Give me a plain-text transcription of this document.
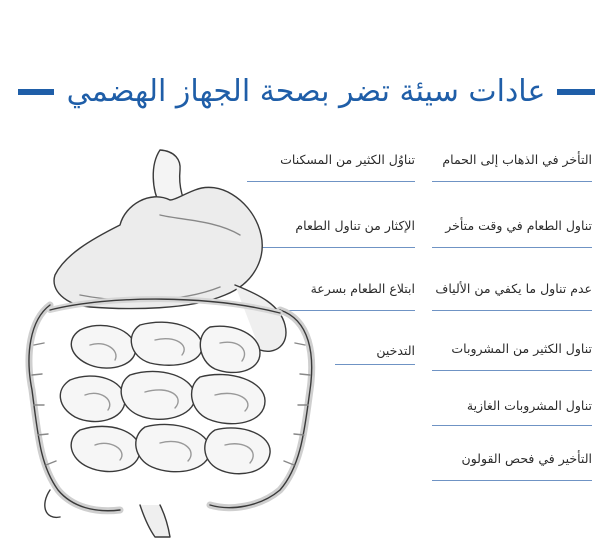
عادات سيئة تضر بصحة الجهاز الهضمي
التأخر في الذهاب إلى الحمام
تناول الطعام في وقت متأخر
عدم تناول ما يكفي من الألياف
تناول الكثير من المشروبات
تناول المشروبات الغازية
التأخير في فحص القولون
تناوُل الكثير من المسكنات
الإكثار من تناول الطعام
ابتلاع الطعام بسرعة
التدخين
